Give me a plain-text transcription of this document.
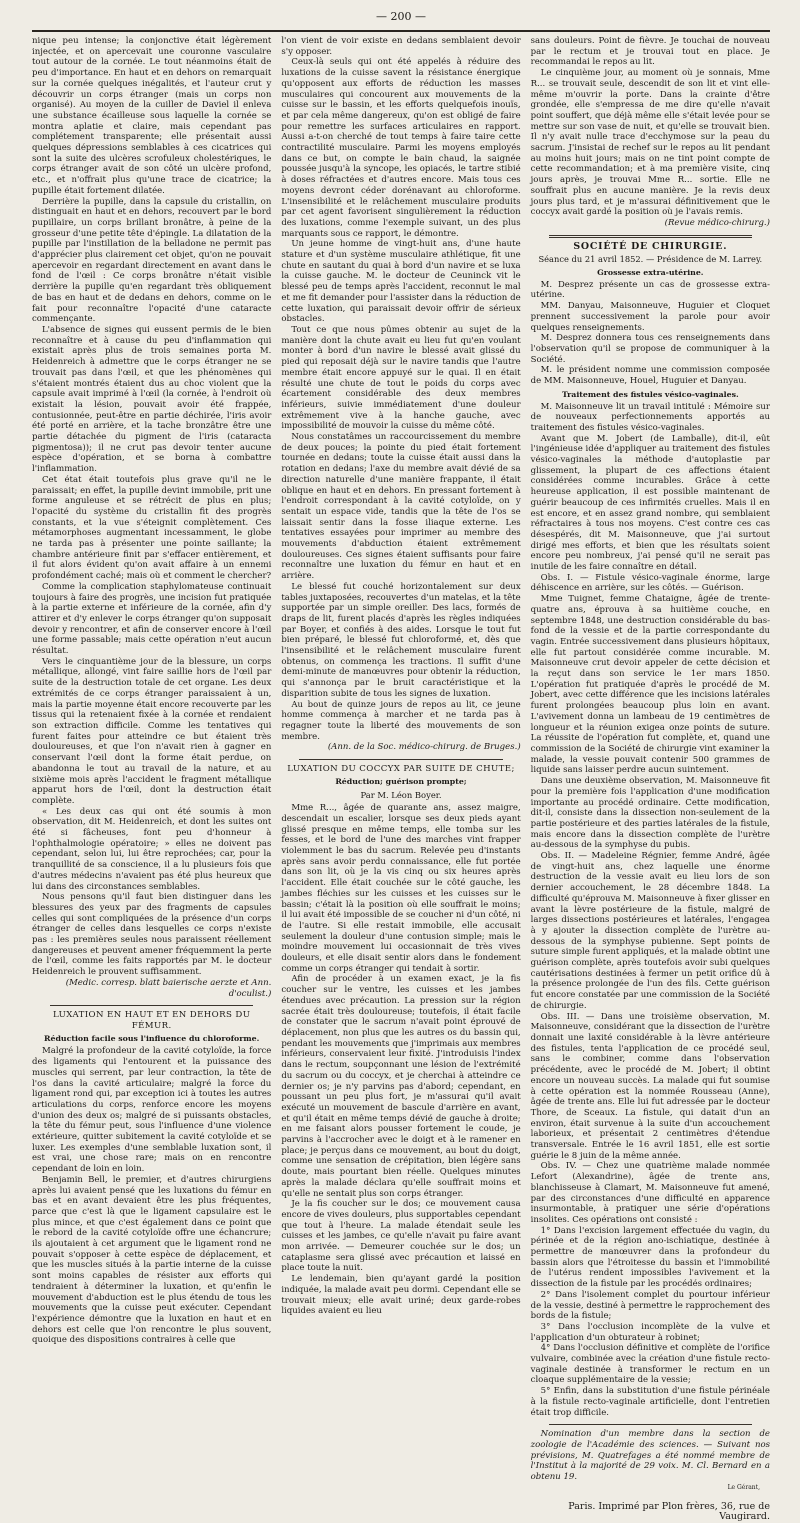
— 200 —

nique peu intense; la conjonctive était légèrement injectée, et on apercevait une couronne vasculaire tout autour de la cornée. Le tout néanmoins était de peu d'importance. En haut et en dehors on remarquait sur la cornée quelques inégalités, et l'auteur crut y découvrir un corps étranger (mais un corps non organisé). Au moyen de la cuiller de Daviel il enleva une substance écailleuse sous laquelle la cornée se montra aplatie et claire, mais cependant pas complétement transparente; elle présentait aussi quelques dépressions semblables à ces cicatrices qui sont la suite des ulcères scrofuleux cholestériques, le corps étranger avait de son côté un ulcère profond, etc., et n'offrait plus qu'une trace de cicatrice; la pupille était fortement dilatée.

Derrière la pupille, dans la capsule du cristallin, on distinguait en haut et en dehors, recouvert par le bord pupillaire, un corps brillant bronâtre, à peine de la grosseur d'une petite tête d'épingle. La dilatation de la pupille par l'instillation de la belladone ne permit pas d'apprécier plus clairement cet objet, qu'on ne pouvait apercevoir en regardant directement en avant dans le fond de l'œil : Ce corps bronâtre n'était visible derrière la pupille qu'en regardant très obliquement de bas en haut et de dedans en dehors, comme on le fait pour reconnaître l'opacité d'une cataracte commençante.

L'absence de signes qui eussent permis de le bien reconnaître et à cause du peu d'inflammation qui existait après plus de trois semaines porta M. Heidenreich à admettre que le corps étranger ne se trouvait pas dans l'œil, et que les phénomènes qui s'étaient montrés étaient dus au choc violent que la capsule avait imprimé à l'œil (la cornée, à l'endroit où existait la lésion, pouvait avoir été frappée, contusionnée, peut-être en partie déchirée, l'iris avoir été porté en arrière, et la tache bronzâtre être une partie détachée du pigment de l'iris (cataracta pigmentosa)); il ne crut pas devoir tenter aucune espèce d'opération, et se borna à combattre l'inflammation.

Cet état était toutefois plus grave qu'il ne le paraissait; en effet, la pupille devint immobile, prit une forme anguleuse et se rétrécit de plus en plus; l'opacité du système du cristallin fit des progrès constants, et la vue s'éteignit complètement. Ces métamorphoses augmentant incessamment, le globe ne tarda pas à présenter une pointe saillante; la chambre antérieure finit par s'effacer entièrement, et il fut alors évident qu'on avait affaire à un ennemi profondément caché; mais où et comment le chercher?

Comme la complication staphylomateuse continuait toujours à faire des progrès, une incision fut pratiquée à la partie externe et inférieure de la cornée, afin d'y attirer et d'y enlever le corps étranger qu'on supposait devoir y rencontrer, et afin de conserver encore à l'œil une forme passable; mais cette opération n'eut aucun résultat.

Vers le cinquantième jour de la blessure, un corps métallique, allongé, vint faire saillie hors de l'œil par suite de la destruction totale de cet organe. Les deux extrémités de ce corps étranger paraissaient à un, mais la partie moyenne était encore recouverte par les tissus qui la retenaient fixée à la cornée et rendaient son extraction difficile. Comme les tentatives qui furent faites pour atteindre ce but étaient très douloureuses, et que l'on n'avait rien à gagner en conservant l'œil dont la forme était perdue, on abandonna le tout au travail de la nature, et au sixième mois après l'accident le fragment métallique apparut hors de l'œil, dont la destruction était complète.

« Les deux cas qui ont été soumis à mon observation, dit M. Heidenreich, et dont les suites ont été si fâcheuses, font peu d'honneur à l'ophthalmologie opératoire; » elles ne doivent pas cependant, selon lui, lui être reprochées; car, pour la tranquillité de sa conscience, il a lu plusieurs fois que d'autres médecins n'avaient pas été plus heureux que lui dans des circonstances semblables.

Nous pensons qu'il faut bien distinguer dans les blessures des yeux par des fragments de capsules celles qui sont compliquées de la présence d'un corps étranger de celles dans lesquelles ce corps n'existe pas : les premières seules nous paraissent réellement dangereuses et peuvent amener fréquemment la perte de l'œil, comme les faits rapportés par M. le docteur Heidenreich le prouvent suffisamment.

(Medic. corresp. blatt baierische aerzte et Ann. d'oculist.)
LUXATION EN HAUT ET EN DEHORS DU FÉMUR.
Réduction facile sous l'influence du chloroforme.

Malgré la profondeur de la cavité cotyloïde, la force des ligaments qui l'entourent et la puissance des muscles qui serrent, par leur contraction, la tête de l'os dans la cavité articulaire; malgré la force du ligament rond qui, par exception ici à toutes les autres articulations du corps, renforce encore les moyens d'union des deux os; malgré de si puissants obstacles, la tête du fémur peut, sous l'influence d'une violence extérieure, quitter subitement la cavité cotyloïde et se luxer. Les exemples d'une semblable luxation sont, il est vrai, une chose rare; mais on en rencontre cependant de loin en loin.

Benjamin Bell, le premier, et d'autres chirurgiens après lui avaient pensé que les luxations du fémur en bas et en avant devaient être les plus fréquentes, parce que c'est là que le ligament capsulaire est le plus mince, et que c'est également dans ce point que le rebord de la cavité cotyloïde offre une échancrure; ils ajoutaient à cet argument que le ligament rond ne pouvait s'opposer à cette espèce de déplacement, et que les muscles situés à la partie interne de la cuisse sont moins capables de résister aux efforts qui tendraient à déterminer la luxation, et qu'enfin le mouvement d'abduction est le plus étendu de tous les mouvements que la cuisse peut exécuter. Cependant l'expérience démontre que la luxation en haut et en dehors est celle que l'on rencontre le plus souvent, quoique des dispositions contraires à celle que

l'on vient de voir existe en dedans semblaient devoir s'y opposer.

Ceux-là seuls qui ont été appelés à réduire des luxations de la cuisse savent la résistance énergique qu'opposent aux efforts de réduction les masses musculaires qui concourent aux mouvements de la cuisse sur le bassin, et les efforts quelquefois inouïs, et par cela même dangereux, qu'on est obligé de faire pour remettre les surfaces articulaires en rapport. Aussi a-t-on cherché de tout temps à faire taire cette contractilité musculaire. Parmi les moyens employés dans ce but, on compte le bain chaud, la saignée poussée jusqu'à la syncope, les opiacés, le tartre stibié à doses réfractées et d'autres encore. Mais tous ces moyens devront céder dorénavant au chloroforme. L'insensibilité et le relâchement musculaire produits par cet agent favorisent singulièrement la réduction des luxations, comme l'exemple suivant, un des plus marquants sous ce rapport, le démontre.

Un jeune homme de vingt-huit ans, d'une haute stature et d'un système musculaire athlétique, fit une chute en sautant du quai à bord d'un navire et se luxa la cuisse gauche. M. le docteur de Ceuninck vit le blessé peu de temps après l'accident, reconnut le mal et me fit demander pour l'assister dans la réduction de cette luxation, qui paraissait devoir offrir de sérieux obstacles.

Tout ce que nous pûmes obtenir au sujet de la manière dont la chute avait eu lieu fut qu'en voulant monter à bord d'un navire le blessé avait glissé du pied qui reposait déjà sur le navire tandis que l'autre membre était encore appuyé sur le quai. Il en était résulté une chute de tout le poids du corps avec écartement considérable des deux membres inférieurs, suivie immédiatement d'une douleur extrêmement vive à la hanche gauche, avec impossibilité de mouvoir la cuisse du même côté.

Nous constatâmes un raccourcissement du membre de deux pouces; la pointe du pied était fortement tournée en dedans; toute la cuisse était aussi dans la rotation en dedans; l'axe du membre avait dévié de sa direction naturelle d'une manière frappante, il était oblique en haut et en dehors. En pressant fortement à l'endroit correspondant à la cavité cotyloïde, on y sentait un espace vide, tandis que la tête de l'os se laissait sentir dans la fosse iliaque externe. Les tentatives essayées pour imprimer au membre des mouvements d'abduction étaient extrêmement douloureuses. Ces signes étaient suffisants pour faire reconnaître une luxation du fémur en haut et en arrière.

Le blessé fut couché horizontalement sur deux tables juxtaposées, recouvertes d'un matelas, et la tête supportée par un simple oreiller. Des lacs, formés de draps de lit, furent placés d'après les règles indiquées par Boyer, et confiés à des aides. Lorsque le tout fut bien préparé, le blessé fut chloroformé, et, dès que l'insensibilité et le relâchement musculaire furent obtenus, on commença les tractions. Il suffit d'une demi-minute de manœuvres pour obtenir la réduction, qui s'annonça par le bruit caractéristique et la disparition subite de tous les signes de luxation.

Au bout de quinze jours de repos au lit, ce jeune homme commença à marcher et ne tarda pas à regagner toute la liberté des mouvements de son membre.

(Ann. de la Soc. médico-chirurg. de Bruges.)
LUXATION DU COCCYX PAR SUITE DE CHUTE;
Réduction; guérison prompte;
Par M. Léon Boyer.

Mme R..., âgée de quarante ans, assez maigre, descendait un escalier, lorsque ses deux pieds ayant glissé presque en même temps, elle tomba sur les fesses, et le bord de l'une des marches vint frapper violemment le bas du sacrum. Relevée peu d'instants après sans avoir perdu connaissance, elle fut portée dans son lit, où je la vis cinq ou six heures après l'accident. Elle était couchée sur le côté gauche, les jambes fléchies sur les cuisses et les cuisses sur le bassin; c'était là la position où elle souffrait le moins; il lui avait été impossible de se coucher ni d'un côté, ni de l'autre. Si elle restait immobile, elle accusait seulement la douleur d'une contusion simple; mais le moindre mouvement lui occasionnait de très vives douleurs, et elle disait sentir alors dans le fondement comme un corps étranger qui tendait à sortir.

Afin de procéder à un examen exact, je la fis coucher sur le ventre, les cuisses et les jambes étendues avec précaution. La pression sur la région sacrée était très douloureuse; toutefois, il était facile de constater que le sacrum n'avait point éprouvé de déplacement, non plus que les autres os du bassin qui, pendant les mouvements que j'imprimais aux membres inférieurs, conservaient leur fixité. J'introduisis l'index dans le rectum, soupçonnant une lésion de l'extrémité du sacrum ou du coccyx, et je cherchai à atteindre ce dernier os; je n'y parvins pas d'abord; cependant, en poussant un peu plus fort, je m'assurai qu'il avait exécuté un mouvement de bascule d'arrière en avant, et qu'il était en même temps dévié de gauche à droite; en me faisant alors pousser fortement le coude, je parvins à l'accrocher avec le doigt et à le ramener en place; je perçus dans ce mouvement, au bout du doigt, comme une sensation de crépitation, bien légère sans doute, mais pourtant bien réelle. Quelques minutes après la malade déclara qu'elle souffrait moins et qu'elle ne sentait plus son corps étranger.

Je la fis coucher sur le dos; ce mouvement causa encore de vives douleurs, plus supportables cependant que tout à l'heure. La malade étendait seule les cuisses et les jambes, ce qu'elle n'avait pu faire avant mon arrivée. — Demeurer couchée sur le dos; un cataplasme sera glissé avec précaution et laissé en place toute la nuit.

Le lendemain, bien qu'ayant gardé la position indiquée, la malade avait peu dormi. Cependant elle se trouvait mieux; elle avait uriné; deux garde-robes liquides avaient eu lieu

sans douleurs. Point de fièvre. Je touchai de nouveau par le rectum et je trouvai tout en place. Je recommandai le repos au lit.

Le cinquième jour, au moment où je sonnais, Mme R... se trouvait seule, descendit de son lit et vint elle-même m'ouvrir la porte. Dans la crainte d'être grondée, elle s'empressa de me dire qu'elle n'avait point souffert, que déjà même elle s'était levée pour se mettre sur son vase de nuit, et qu'elle se trouvait bien. Il n'y avait nulle trace d'ecchymose sur la peau du sacrum. J'insistai de rechef sur le repos au lit pendant au moins huit jours; mais on ne tint point compte de cette recommandation; et à ma première visite, cinq jours après, je trouvai Mme R... sortie. Elle ne souffrait plus en aucune manière. Je la revis deux jours plus tard, et je m'assurai définitivement que le coccyx avait gardé la position où je l'avais remis.

(Revue médico-chirurg.)
SOCIÉTÉ DE CHIRURGIE.
Séance du 21 avril 1852. — Présidence de M. Larrey.
Grossesse extra-utérine.

M. Desprez présente un cas de grossesse extra-utérine.

MM. Danyau, Maisonneuve, Huguier et Cloquet prennent successivement la parole pour avoir quelques renseignements.

M. Desprez donnera tous ces renseignements dans l'observation qu'il se propose de communiquer à la Société.

M. le président nomme une commission composée de MM. Maisonneuve, Houel, Huguier et Danyau.

Traitement des fistules vésico-vaginales.

M. Maisonneuve lit un travail intitulé : Mémoire sur de nouveaux perfectionnements apportés au traitement des fistules vésico-vaginales.

Avant que M. Jobert (de Lamballe), dit-il, eût l'ingénieuse idée d'appliquer au traitement des fistules vésico-vaginales la méthode d'autoplastie par glissement, la plupart de ces affections étaient considérées comme incurables. Grâce à cette heureuse application, il est possible maintenant de guérir beaucoup de ces infirmités cruelles. Mais il en est encore, et en assez grand nombre, qui semblaient réfractaires à tous nos moyens. C'est contre ces cas désespérés, dit M. Maisonneuve, que j'ai surtout dirigé mes efforts, et bien que les résultats soient encore peu nombreux, j'ai pensé qu'il ne serait pas inutile de les faire connaître en détail.

Obs. I. — Fistule vésico-vaginale énorme, large déhiscence en arrière, sur les côtés. — Guérison.

Mme Tuignet, femme Chataigne, âgée de trente-quatre ans, éprouva à sa huitième couche, en septembre 1848, une destruction considérable du bas-fond de la vessie et de la partie correspondante du vagin. Entrée successivement dans plusieurs hôpitaux, elle fut partout considérée comme incurable. M. Maisonneuve crut devoir appeler de cette décision et la reçut dans son service le 1er mars 1850. L'opération fut pratiquée d'après le procédé de M. Jobert, avec cette différence que les incisions latérales furent prolongées beaucoup plus loin en avant. L'avivement donna un lambeau de 19 centimètres de longueur et la réunion exigea onze points de suture. La réussite de l'opération fut complète, et, quand une commission de la Société de chirurgie vint examiner la malade, la vessie pouvait contenir 500 grammes de liquide sans laisser perdre aucun suintement.

Dans une deuxième observation, M. Maisonneuve fit pour la première fois l'application d'une modification importante au procédé ordinaire. Cette modification, dit-il, consiste dans la dissection non-seulement de la partie postérieure et des parties latérales de la fistule, mais encore dans la dissection complète de l'urètre au-dessous de la symphyse du pubis.

Obs. II. — Madeleine Régnier, femme André, âgée de vingt-huit ans, chez laquelle une énorme destruction de la vessie avait eu lieu lors de son dernier accouchement, le 28 décembre 1848. La difficulté qu'éprouva M. Maisonneuve à fixer glisser en avant la lèvre postérieure de la fistule, malgré de larges dissections postérieures et latérales, l'engagea à y ajouter la dissection complète de l'urètre au-dessous de la symphyse pubienne. Sept points de suture simple furent appliqués, et la malade obtint une guérison complète, après toutefois avoir subi quelques cautérisations destinées à fermer un petit orifice dû à la présence prolongée de l'un des fils. Cette guérison fut encore constatée par une commission de la Société de chirurgie.

Obs. III. — Dans une troisième observation, M. Maisonneuve, considérant que la dissection de l'urètre donnait une laxité considérable à la lèvre antérieure des fistules, tenta l'application de ce procédé seul, sans le combiner, comme dans l'observation précédente, avec le procédé de M. Jobert; il obtint encore un nouveau succès. La malade qui fut soumise à cette opération est la nommée Rousseau (Anne), âgée de trente ans. Elle lui fut adressée par le docteur Thore, de Sceaux. La fistule, qui datait d'un an environ, était survenue à la suite d'un accouchement laborieux, et présentait 2 centimètres d'étendue transversale. Entrée le 16 avril 1851, elle est sortie guérie le 8 juin de la même année.

Obs. IV. — Chez une quatrième malade nommée Lefort (Alexandrine), âgée de trente ans, blanchisseuse à Clamart, M. Maisonneuve fut amené, par des circonstances d'une difficulté en apparence insurmontable, à pratiquer une série d'opérations insolites. Ces opérations ont consisté :

1° Dans l'excision largement effectuée du vagin, du périnée et de la région ano-ischiatique, destinée à permettre de manœuvrer dans la profondeur du bassin alors que l'étroitesse du bassin et l'immobilité de l'utérus rendent impossibles l'avivement et la dissection de la fistule par les procédés ordinaires;

2° Dans l'isolement complet du pourtour inférieur de la vessie, destiné à permettre le rapprochement des bords de la fistule;

3° Dans l'occlusion incomplète de la vulve et l'application d'un obturateur à robinet;

4° Dans l'occlusion définitive et complète de l'orifice vulvaire, combinée avec la création d'une fistule recto-vaginale destinée à transformer le rectum en un cloaque supplémentaire de la vessie;

5° Enfin, dans la substitution d'une fistule périnéale à la fistule recto-vaginale artificielle, dont l'entretien était trop difficile.

Nomination d'un membre dans la section de zoologie de l'Académie des sciences. — Suivant nos prévisions, M. Quatrefages a été nommé membre de l'Institut à la majorité de 29 voix. M. Cl. Bernard en a obtenu 19.

Le Gérant,
Paris. Imprimé par Plon frères, 36, rue de Vaugirard.
